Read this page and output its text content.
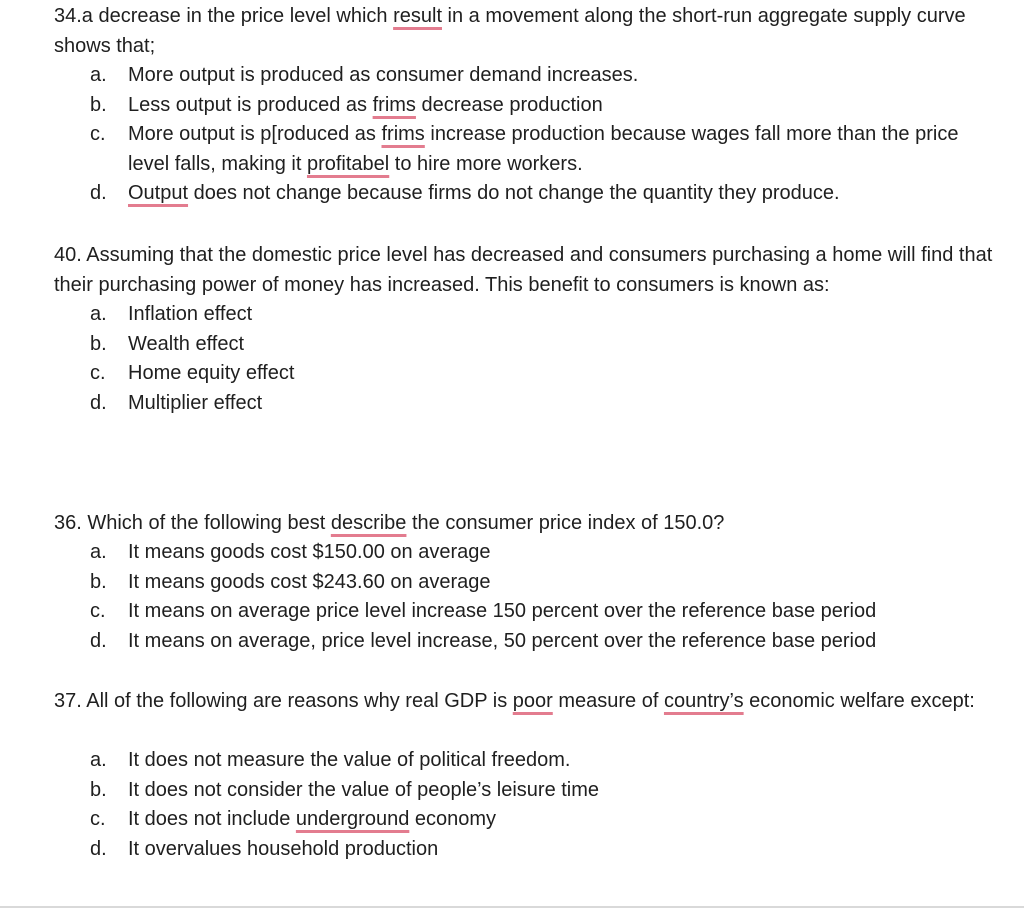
34.a decrease in the price level which result in a movement along the short-run aggregate supply curve shows that;

a. More output is produced as consumer demand increases.
b. Less output is produced as frims decrease production
c. More output is p[roduced as frims increase production because wages fall more than the price level falls, making it profitabel to hire more workers.
d. Output does not change because firms do not change the quantity they produce.

40. Assuming that the domestic price level has decreased and consumers purchasing a home will find that their purchasing power of money has increased. This benefit to consumers is known as:

a. Inflation effect
b. Wealth effect
c. Home equity effect
d. Multiplier effect

36. Which of the following best describe the consumer price index of 150.0?

a. It means goods cost $150.00 on average
b. It means goods cost $243.60 on average
c. It means on average price level increase 150 percent over the reference base period
d. It means on average, price level increase, 50 percent over the reference base period

37. All of the following are reasons why real GDP is poor measure of country’s economic welfare except:

a. It does not measure the value of political freedom.
b. It does not consider the value of people’s leisure time
c. It does not include underground economy
d. It overvalues household production
